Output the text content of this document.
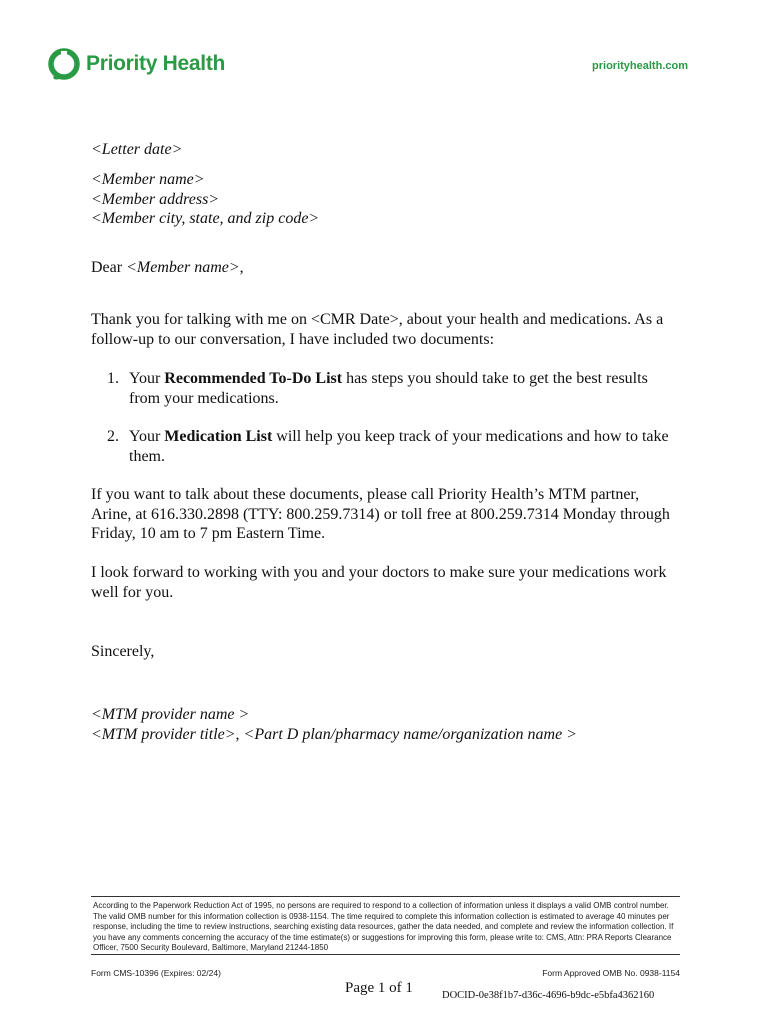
Priority Health	priorityhealth.com
<Letter date>
<Member name>
<Member address>
<Member city, state, and zip code>
Dear <Member name>,
Thank you for talking with me on <CMR Date>, about your health and medications. As a follow-up to our conversation, I have included two documents:
1. Your Recommended To-Do List has steps you should take to get the best results from your medications.
2. Your Medication List will help you keep track of your medications and how to take them.
If you want to talk about these documents, please call Priority Health’s MTM partner, Arine, at 616.330.2898 (TTY: 800.259.7314) or toll free at 800.259.7314 Monday through Friday, 10 am to 7 pm Eastern Time.
I look forward to working with you and your doctors to make sure your medications work well for you.
Sincerely,
<MTM provider name >
<MTM provider title>, <Part D plan/pharmacy name/organization name >
According to the Paperwork Reduction Act of 1995, no persons are required to respond to a collection of information unless it displays a valid OMB control number. The valid OMB number for this information collection is 0938-1154. The time required to complete this information collection is estimated to average 40 minutes per response, including the time to review instructions, searching existing data resources, gather the data needed, and complete and review the information collection. If you have any comments concerning the accuracy of the time estimate(s) or suggestions for improving this form, please write to: CMS, Attn: PRA Reports Clearance Officer, 7500 Security Boulevard, Baltimore, Maryland 21244-1850
Form CMS-10396 (Expires: 02/24)	Form Approved OMB No. 0938-1154
Page 1 of 1	DOCID-0e38f1b7-d36c-4696-b9dc-e5bfa4362160
